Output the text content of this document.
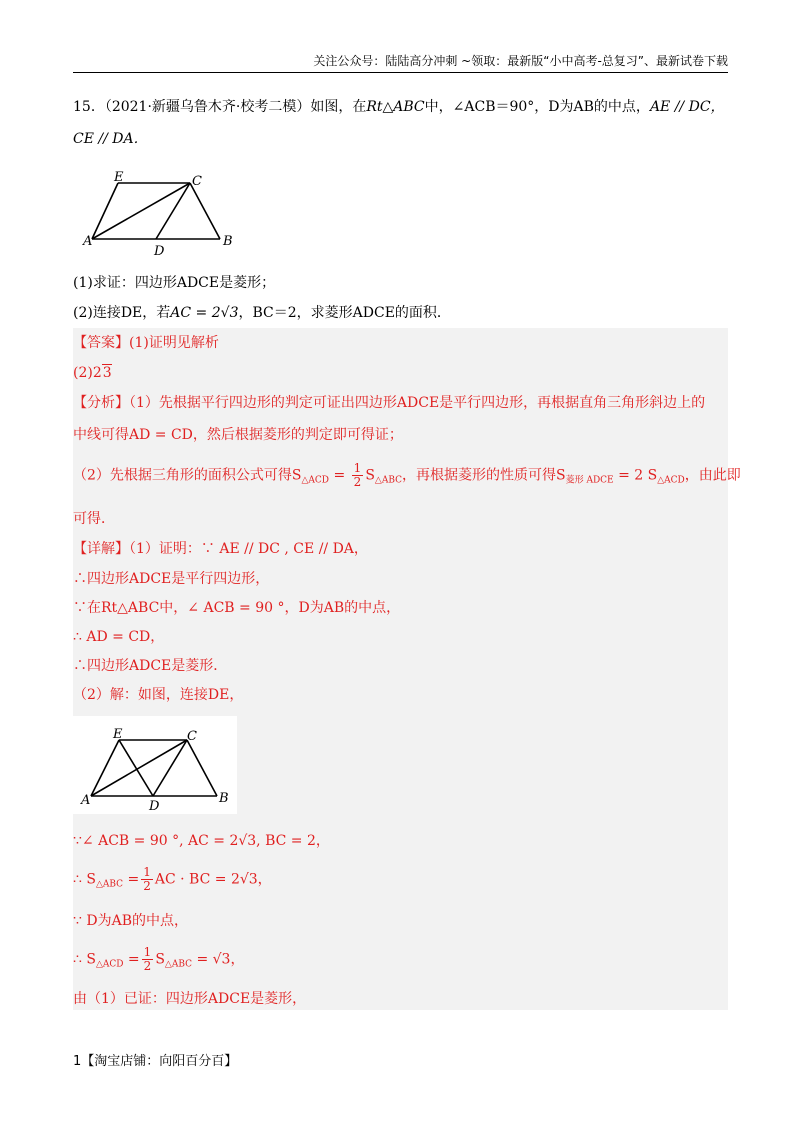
关注公众号：陆陆高分冲刺 ~领取：最新版“小中高考-总复习”、最新试卷下载
15．（2021·新疆乌鲁木齐·校考二模）如图，在Rt△ABC中，∠ACB＝90°，D为AB的中点，AE // DC，
CE // DA．
E	C
A
D
B
(1)求证：四边形ADCE是菱形；
(2)连接DE，若AC = 2√3，BC＝2，求菱形ADCE的面积．
【答案】(1)证明见解析
(2)23
【分析】（1）先根据平行四边形的判定可证出四边形ADCE是平行四边形，再根据直角三角形斜边上的
中线可得AD = CD，然后根据菱形的判定即可得证；
（2）先根据三角形的面积公式可得$S_{\triangle ACD} = \frac{1}{2} S_{\triangle ABC}$，再根据菱形的性质可得$S_{菱形 ADCE} = 2$ $S_{\triangle ACD}$，由此即
可得．
【详解】（1）证明：∵ AE // DC , CE // DA，
∴四边形ADCE是平行四边形，
∵在Rt△ABC中，∠ ACB = 90 °，D为AB的中点，
∴ AD = CD，
∴四边形ADCE是菱形．
（2）解：如图，连接DE，
E	C
A	D
B
∵∠ ACB = 90 °, AC = 2√3, BC = 2，
∴ $S_{\triangle ABC} = \frac{1}{2}$ AC · BC = 2√3，
∵ D为AB的中点，
∴ $S_{\triangle ACD} = \frac{1}{2} S_{\triangle ABC} = √3$，
由（1）已证：四边形ADCE是菱形，
1【淘宝店铺：向阳百分百】
